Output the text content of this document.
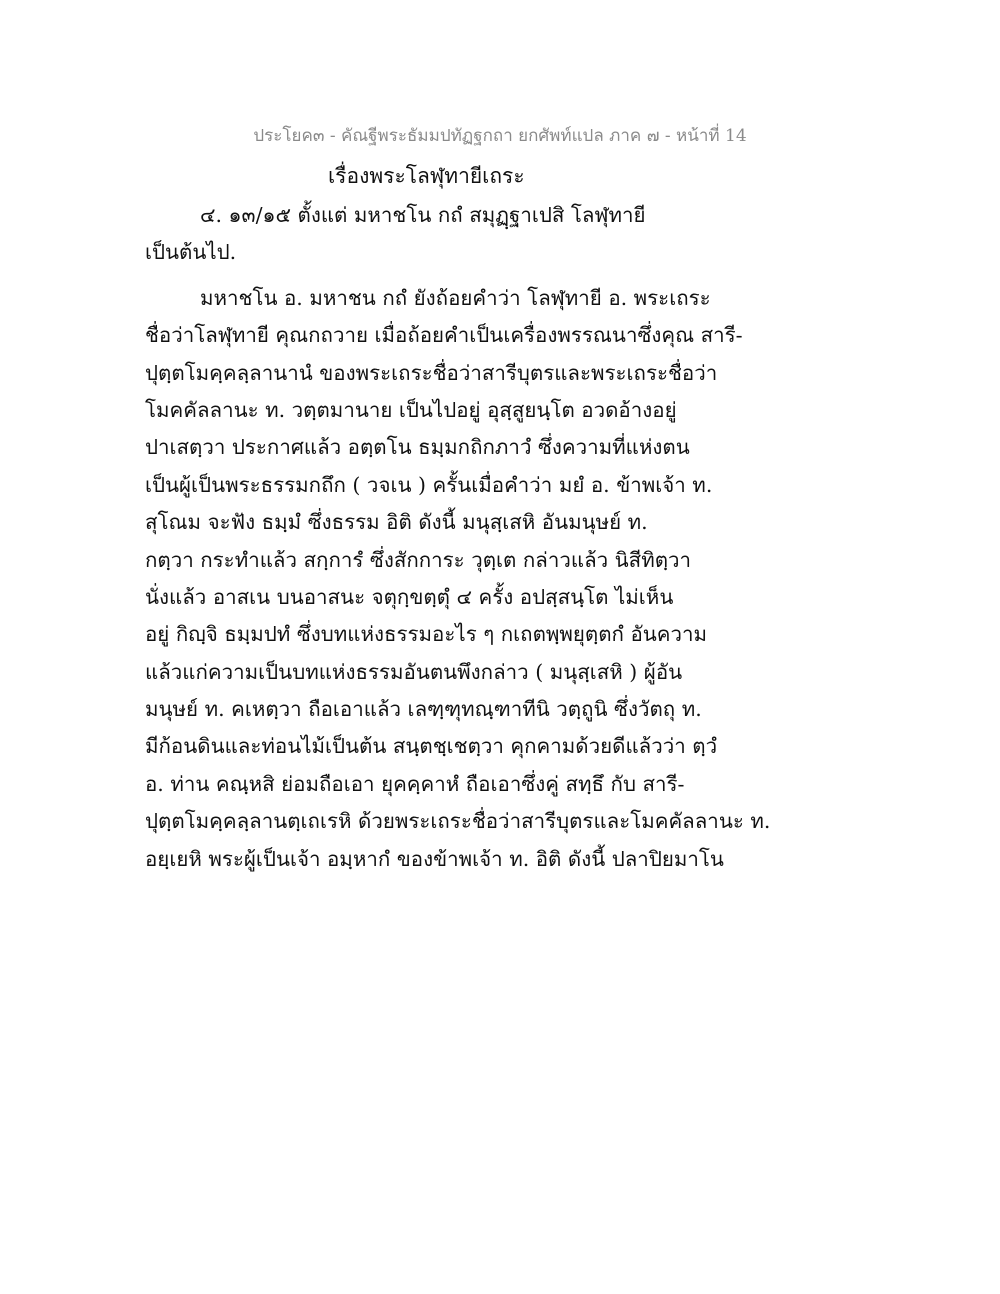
ประโยค๓ - คัณฐีพระธัมมปทัฏฐกถา ยกศัพท์แปล ภาค ๗ - หน้าที่ 14
เรื่องพระโลฬุทายีเถระ
๔. ๑๓/๑๕ ตั้งแต่ มหาชโน กถํ สมุฏฺฐาเปสิ โลฬุทายี
เป็นต้นไป.
มหาชโน อ. มหาชน กถํ ยังถ้อยคำว่า โลฬุทายี อ. พระเถระ
ชื่อว่าโลฬุทายี คุณกถวาย เมื่อถ้อยคำเป็นเครื่องพรรณนาซึ่งคุณ สารี-
ปุตฺตโมคฺคลฺลานานํ ของพระเถระชื่อว่าสารีบุตรและพระเถระชื่อว่า
โมคคัลลานะ ท. วตฺตมานาย เป็นไปอยู่ อุสฺสูยนฺโต อวดอ้างอยู่
ปาเสตฺวา ประกาศแล้ว อตฺตโน ธมฺมกถิกภาวํ ซึ่งความที่แห่งตน
เป็นผู้เป็นพระธรรมกถึก ( วจเน ) ครั้นเมื่อคำว่า มยํ อ. ข้าพเจ้า ท.
สุโณม จะฟัง ธมฺมํ ซึ่งธรรม อิติ ดังนี้ มนุสฺเสหิ อันมนุษย์ ท.
กตฺวา กระทำแล้ว สกฺการํ ซึ่งสักการะ วุตฺเต กล่าวแล้ว นิสีทิตฺวา
นั่งแล้ว อาสเน บนอาสนะ จตุกฺขตฺตุํ ๔ ครั้ง อปสฺสนฺโต ไม่เห็น
อยู่ กิญฺจิ ธมฺมปทํ ซึ่งบทแห่งธรรมอะไร ๆ กเถตพฺพยุตฺตกํ อันความ
แล้วแก่ความเป็นบทแห่งธรรมอันตนพึงกล่าว ( มนุสฺเสหิ ) ผู้อัน
มนุษย์ ท. คเหตฺวา ถือเอาแล้ว เลฑฺฑุทณฺฑาทีนิ วตฺถูนิ ซึ่งวัตถุ ท.
มีก้อนดินและท่อนไม้เป็นต้น สนฺตชฺเชตฺวา คุกคามด้วยดีแล้วว่า ตฺวํ
อ. ท่าน คณฺหสิ ย่อมถือเอา ยุคคฺคาหํ ถือเอาซึ่งคู่ สทฺธึ กับ สารี-
ปุตฺตโมคฺคลฺลานตฺเถเรหิ ด้วยพระเถระชื่อว่าสารีบุตรและโมคคัลลานะ ท.
อยฺเยหิ พระผู้เป็นเจ้า อมฺหากํ ของข้าพเจ้า ท. อิติ ดังนี้ ปลาปิยมาโน
